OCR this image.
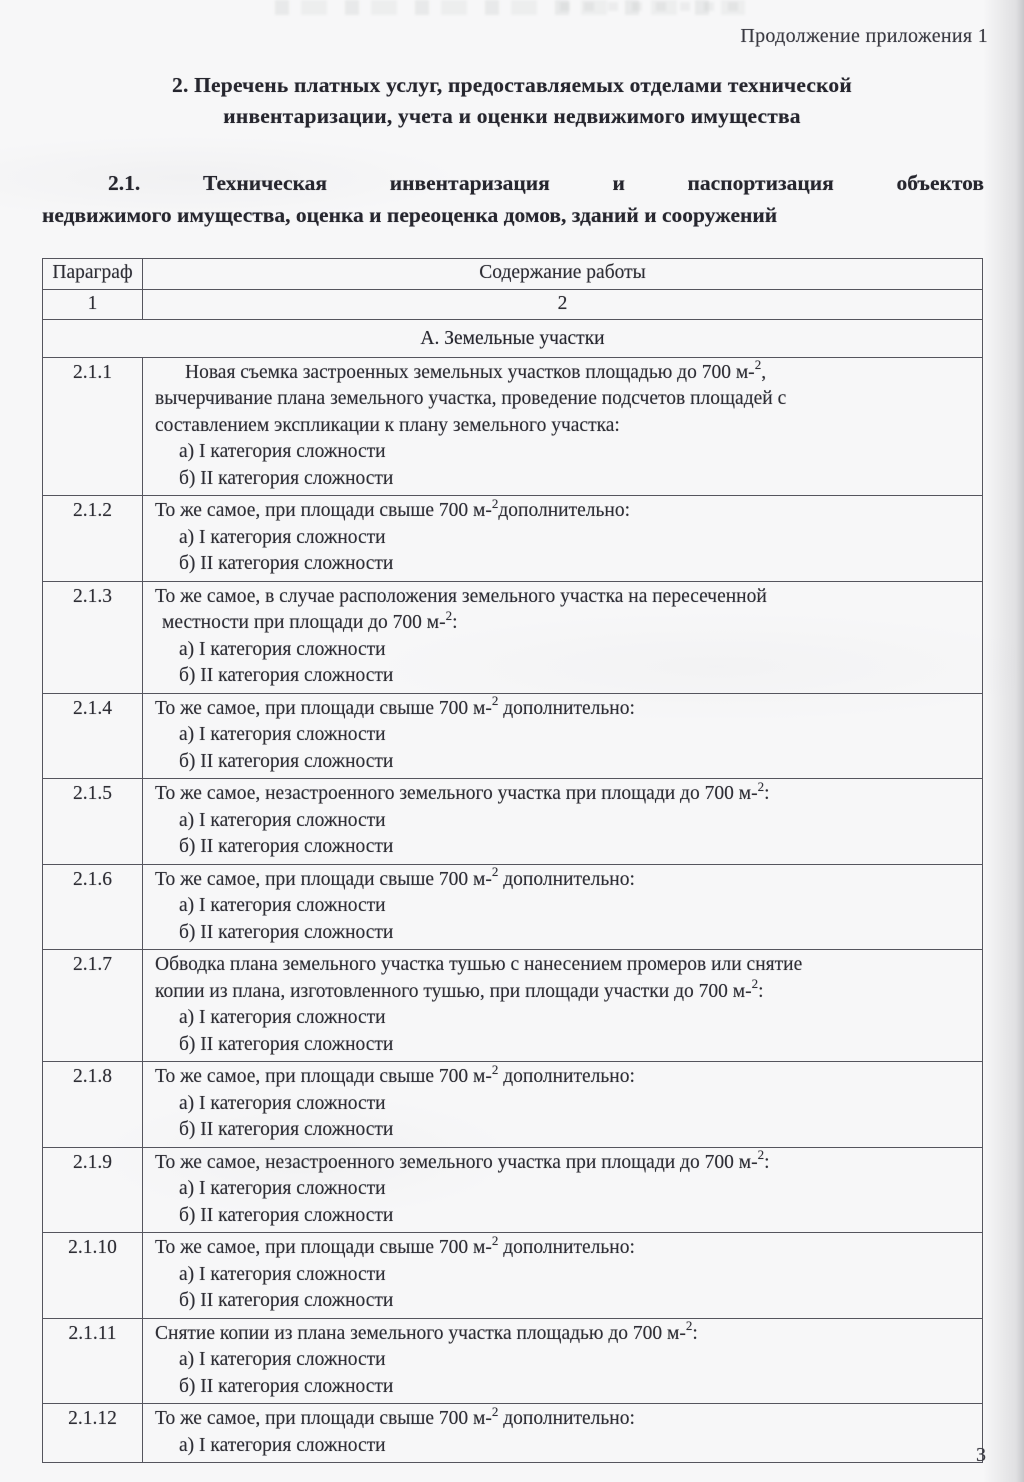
Продолжение приложения 1
2. Перечень платных услуг, предоставляемых отделами технической
инвентаризации, учета и оценки недвижимого имущества
2.1. Техническая инвентаризация и паспортизация объектов
недвижимого имущества, оценка и переоценка домов, зданий и сооружений
Параграф	Содержание работы
1	2
А. Земельные участки	
2.1.1	Новая съемка застроенных земельных участков площадью до 700 м-$^2$,
вычерчивание плана земельного участка, проведение подсчетов площадей с
составлением экспликации к плану земельного участка:
а) I категория сложности
б) II категория сложности

2.1.2	То же самое, при площади свыше 700 м-$^2$дополнительно:
а) I категория сложности
б) II категория сложности

2.1.3	То же самое, в случае расположения земельного участка на пересеченной
местности при площади до 700 м-$^2$:
а) I категория сложности
б) II категория сложности

2.1.4	То же самое, при площади свыше 700 м-$^2$ дополнительно:
а) I категория сложности
б) II категория сложности

2.1.5	То же самое, незастроенного земельного участка при площади до 700 м-$^2$:
а) I категория сложности
б) II категория сложности

2.1.6	То же самое, при площади свыше 700 м-$^2$ дополнительно:
а) I категория сложности
б) II категория сложности

2.1.7	Обводка плана земельного участка тушью с нанесением промеров или снятие
копии из плана, изготовленного тушью, при площади участки до 700 м-$^2$:
а) I категория сложности
б) II категория сложности

2.1.8	То же самое, при площади свыше 700 м-$^2$ дополнительно:
а) I категория сложности
б) II категория сложности

2.1.9	То же самое, незастроенного земельного участка при площади до 700 м-$^2$:
а) I категория сложности
б) II категория сложности

2.1.10	То же самое, при площади свыше 700 м-$^2$ дополнительно:
а) I категория сложности
б) II категория сложности

2.1.11	Снятие копии из плана земельного участка площадью до 700 м-$^2$:
а) I категория сложности
б) II категория сложности

2.1.12	То же самое, при площади свыше 700 м-$^2$ дополнительно:
а) I категория сложности	3
